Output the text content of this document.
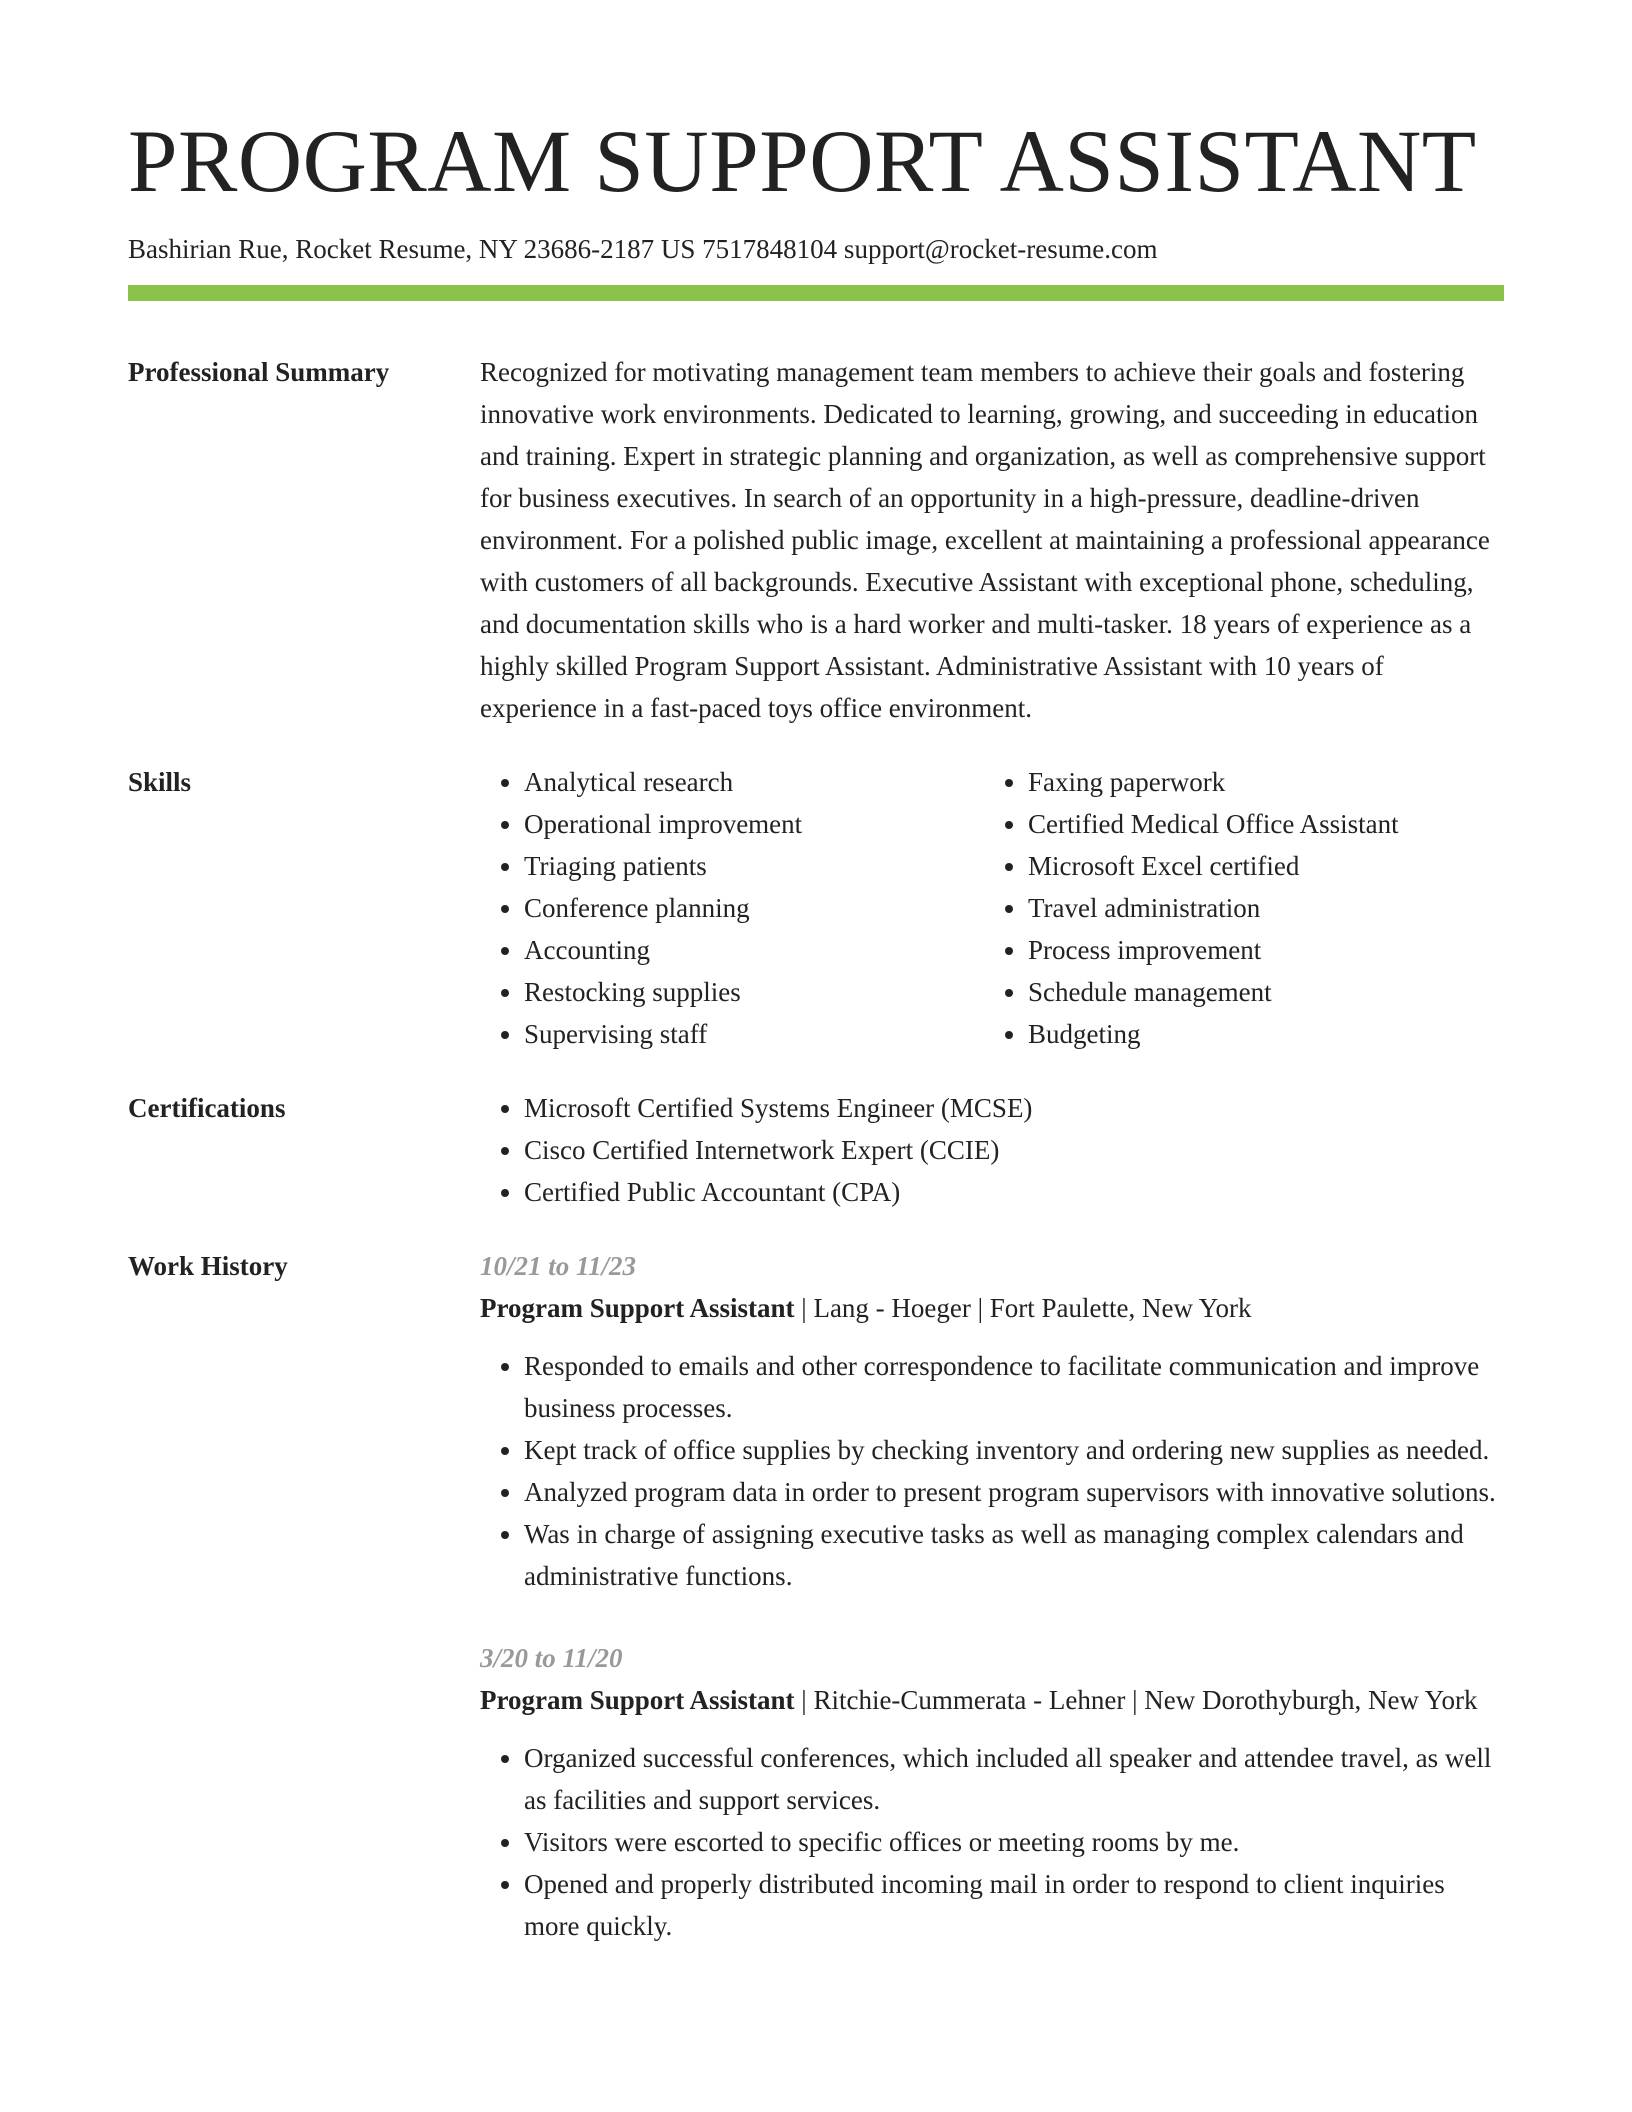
PROGRAM SUPPORT ASSISTANT
Bashirian Rue, Rocket Resume, NY 23686-2187 US 7517848104 support@rocket-resume.com
Professional Summary	Recognized for motivating management team members to achieve their goals and fostering innovative work environments. Dedicated to learning, growing, and succeeding in education and training. Expert in strategic planning and organization, as well as comprehensive support for business executives. In search of an opportunity in a high-pressure, deadline-driven environment. For a polished public image, excellent at maintaining a professional appearance with customers of all backgrounds. Executive Assistant with exceptional phone, scheduling, and documentation skills who is a hard worker and multi-tasker. 18 years of experience as a highly skilled Program Support Assistant. Administrative Assistant with 10 years of experience in a fast-paced toys office environment.

Skills	• Analytical research
• Operational improvement
• Triaging patients
• Conference planning
• Accounting
• Restocking supplies
• Supervising staff
• Faxing paperwork
• Certified Medical Office Assistant
• Microsoft Excel certified
• Travel administration
• Process improvement
• Schedule management
• Budgeting
Certifications	• Microsoft Certified Systems Engineer (MCSE)
• Cisco Certified Internetwork Expert (CCIE)
• Certified Public Accountant (CPA)
Work History	10/21 to 11/23
Program Support Assistant | Lang - Hoeger | Fort Paulette, New York
• Responded to emails and other correspondence to facilitate communication and improve business processes.
• Kept track of office supplies by checking inventory and ordering new supplies as needed.
• Analyzed program data in order to present program supervisors with innovative solutions.
• Was in charge of assigning executive tasks as well as managing complex calendars and administrative functions.
3/20 to 11/20
Program Support Assistant | Ritchie-Cummerata - Lehner | New Dorothyburgh, New York
• Organized successful conferences, which included all speaker and attendee travel, as well as facilities and support services.
• Visitors were escorted to specific offices or meeting rooms by me.
• Opened and properly distributed incoming mail in order to respond to client inquiries more quickly.
